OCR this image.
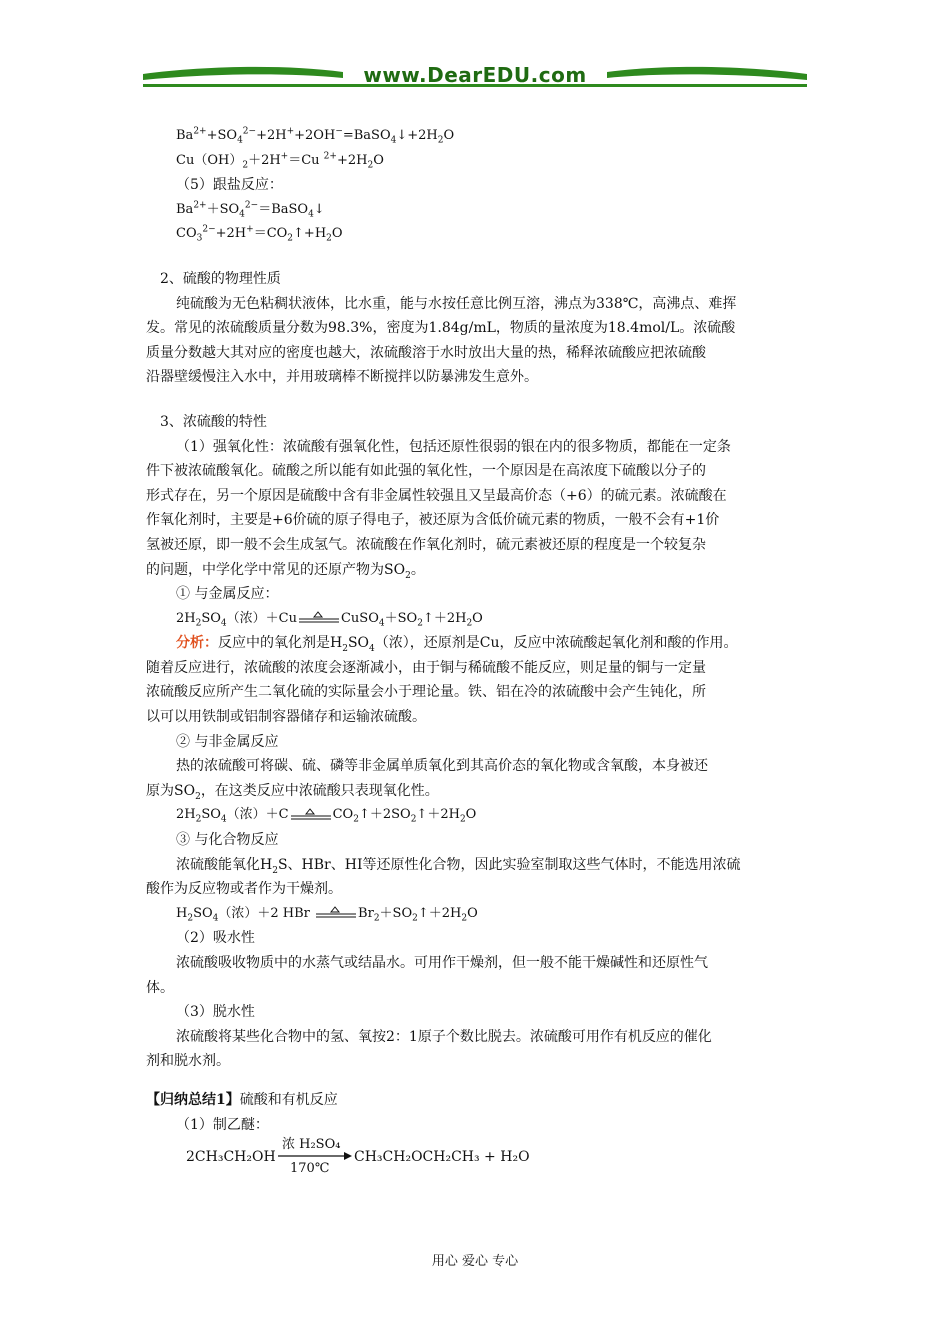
www.DearEDU.com
$Ba^{2+}+SO_4^{2-}+2H^++2OH^-=BaSO_4↓+2H_2O$
$Cu(OH)_2+2H^+=Cu$ $^{2+}+2H_2O$
（5）跟盐反应：
$Ba^{2+}+SO_4^{2-}=BaSO_4↓$
$CO_3^{2-}+2H^+=CO_2↑+H_2O$
2、硫酸的物理性质
纯硫酸为无色粘稠状液体，比水重，能与水按任意比例互溶，沸点为338℃，高沸点、难挥
发。常见的浓硫酸质量分数为98.3%，密度为1.84g/mL，物质的量浓度为18.4mol/L。浓硫酸
质量分数越大其对应的密度也越大，浓硫酸溶于水时放出大量的热，稀释浓硫酸应把浓硫酸
沿器壁缓慢注入水中，并用玻璃棒不断搅拌以防暴沸发生意外。
3、浓硫酸的特性
（1）强氧化性：浓硫酸有强氧化性，包括还原性很弱的银在内的很多物质，都能在一定条
件下被浓硫酸氧化。硫酸之所以能有如此强的氧化性，一个原因是在高浓度下硫酸以分子的
形式存在，另一个原因是硫酸中含有非金属性较强且又呈最高价态（+6）的硫元素。浓硫酸在
作氧化剂时，主要是+6价硫的原子得电子，被还原为含低价硫元素的物质，一般不会有+1价
氢被还原，即一般不会生成氢气。浓硫酸在作氧化剂时，硫元素被还原的程度是一个较复杂
的问题，中学化学中常见的还原产物为$SO_2$。
① 与金属反应：
$2H_2SO_4$（浓）＋Cu	$CuSO_4+SO_2↑+2H_2O$
分析：反应中的氧化剂是$H_2SO_4$（浓），还原剂是Cu，反应中浓硫酸起氧化剂和酸的作用。
随着反应进行，浓硫酸的浓度会逐渐减小，由于铜与稀硫酸不能反应，则足量的铜与一定量
浓硫酸反应所产生二氧化硫的实际量会小于理论量。铁、铝在冷的浓硫酸中会产生钝化，所
以可以用铁制或铝制容器储存和运输浓硫酸。
② 与非金属反应
热的浓硫酸可将碳、硫、磷等非金属单质氧化到其高价态的氧化物或含氧酸，本身被还
原为$SO_2$，在这类反应中浓硫酸只表现氧化性。
$2H_2SO_4$（浓）＋C	$CO_2↑+2SO_2↑+2H_2O$
③ 与化合物反应
浓硫酸能氧化$H_2S$、HBr、HI等还原性化合物，因此实验室制取这些气体时，不能选用浓硫
酸作为反应物或者作为干燥剂。
$H_2SO_4$（浓）＋2 HBr	$Br_2+SO_2↑+2H_2O$
（2）吸水性
浓硫酸吸收物质中的水蒸气或结晶水。可用作干燥剂，但一般不能干燥碱性和还原性气
体。
（3）脱水性
浓硫酸将某些化合物中的氢、氧按2：1原子个数比脱去。浓硫酸可用作有机反应的催化
剂和脱水剂。
【归纳总结1】硫酸和有机反应
（1）制乙醚：
2CH₃CH₂OH
浓 H₂SO₄
170℃
CH₃CH₂OCH₂CH₃ + H₂O
用心 爱心 专心
